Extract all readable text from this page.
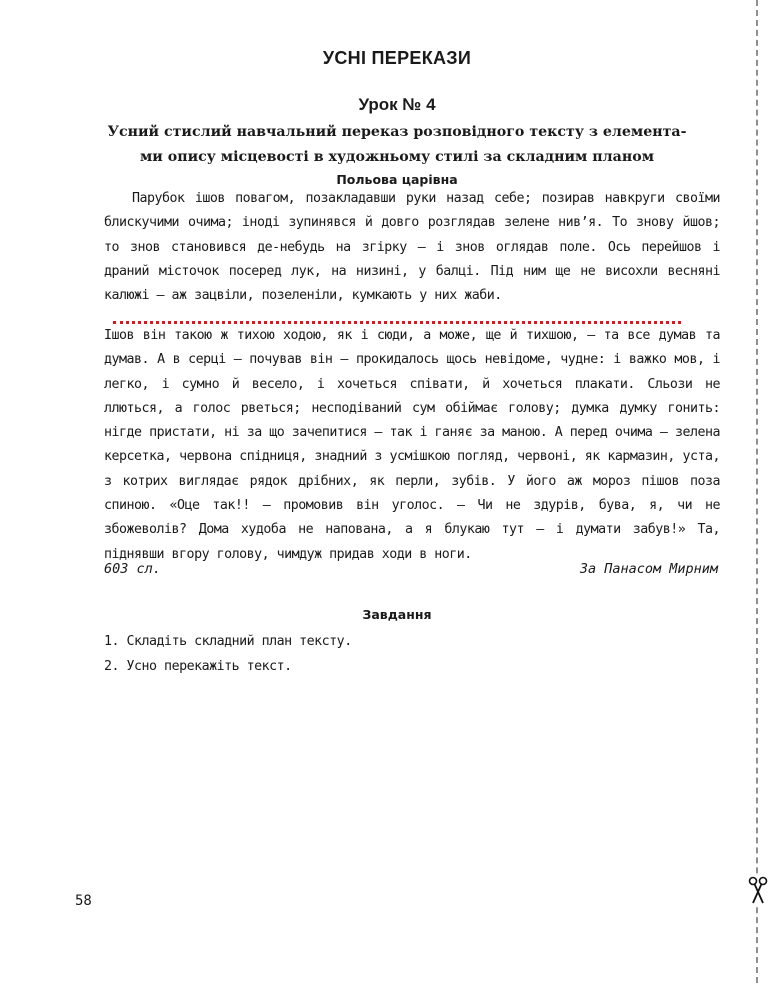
УСНІ ПЕРЕКАЗИ
Урок № 4
Усний стислий навчальний переказ розповідного тексту з елемента-
ми опису місцевості в художньому стилі за складним планом
Польова царівна

Парубок ішов повагом, позакладавши руки назад себе; позирав навкруги своїми блискучими очима; іноді зупинявся й довго розглядав зелене нив’я. То знову йшов; то знов становився де-небудь на згірку — і знов оглядав поле. Ось перейшов і драний місточок посеред лук, на низині, у балці. Під ним ще не висохли весняні калюжі — аж зацвіли, позеленіли, кумкають у них жаби.

Ішов він такою ж тихою ходою, як і сюди, а може, ще й тихшою, — та все думав та думав. А в серці — почував він — прокидалось щось невідоме, чудне: і важко мов, і легко, і сумно й весело, і хочеться співати, й хочеться плакати. Сльози не ллються, а голос рветься; несподіваний сум обіймає голову; думка думку гонить: нігде пристати, ні за що зачепитися — так і ганяє за маною. А перед очима — зелена керсетка, червона спідниця, знадний з усмішкою погляд, червоні, як кармазин, уста, з котрих виглядає рядок дрібних, як перли, зубів. У його аж мороз пішов поза спиною. «Оце так!! — промовив він уголос. — Чи не здурів, бува, я, чи не збожеволів? Дома худоба не напована, а я блукаю тут — і думати забув!» Та, піднявши вгору голову, чимдуж придав ходи в ноги.

603 сл.	За Панасом Мирним
Завдання
1. Складіть складний план тексту.
2. Усно перекажіть текст.
58
